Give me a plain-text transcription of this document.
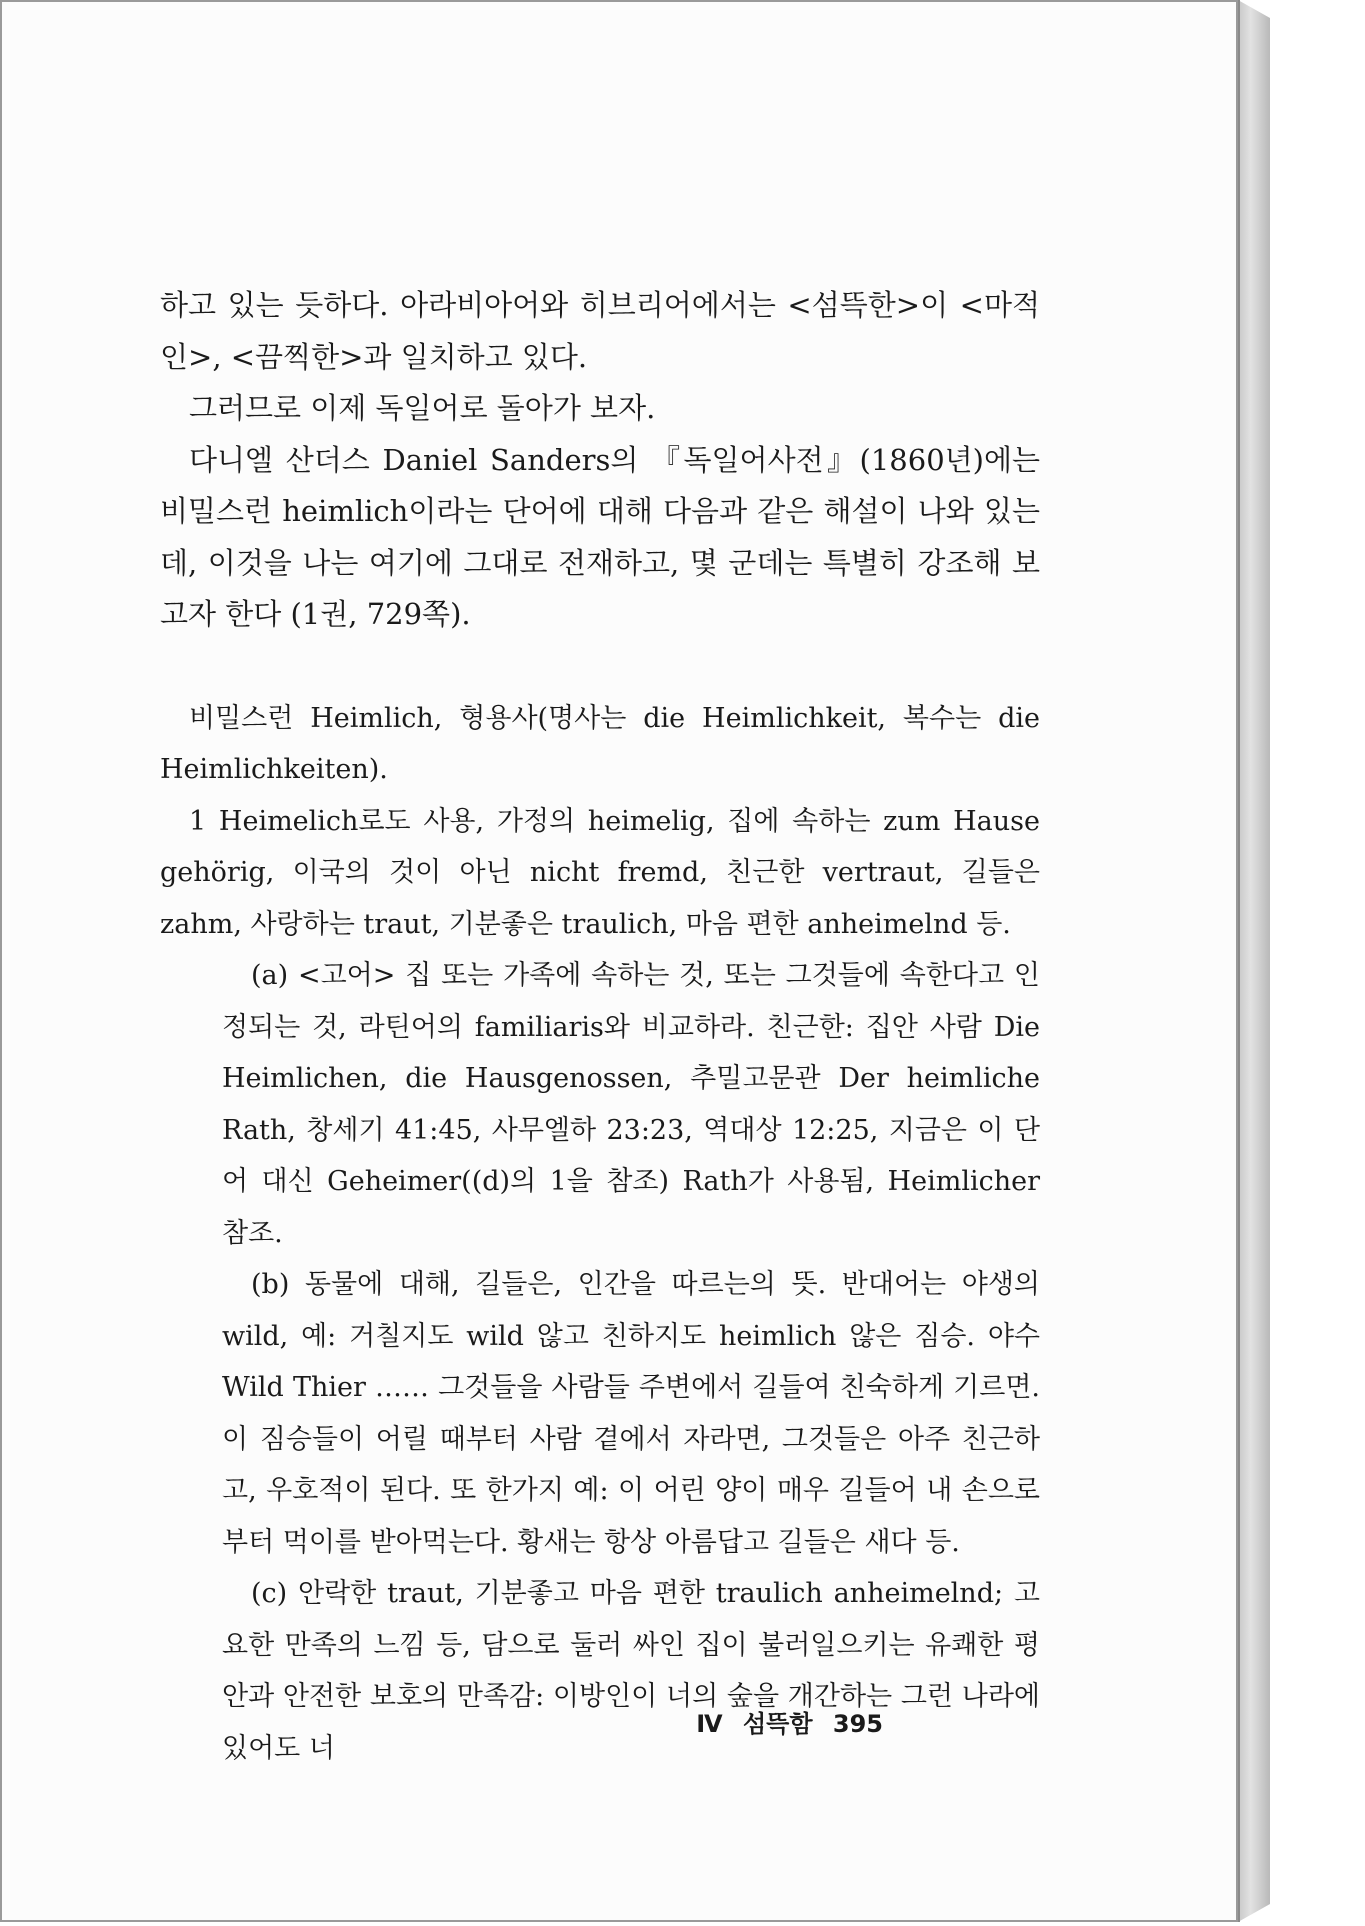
하고 있는 듯하다. 아라비아어와 히브리어에서는 <섬뜩한>이 <마적인>, <끔찍한>과 일치하고 있다.

그러므로 이제 독일어로 돌아가 보자.

다니엘 산더스 Daniel Sanders의 『독일어사전』(1860년)에는 비밀스런 heimlich이라는 단어에 대해 다음과 같은 해설이 나와 있는데, 이것을 나는 여기에 그대로 전재하고, 몇 군데는 특별히 강조해 보고자 한다 (1권, 729쪽).

비밀스런 Heimlich, 형용사(명사는 die Heimlichkeit, 복수는 die Heimlichkeiten).

1 Heimelich로도 사용, 가정의 heimelig, 집에 속하는 zum Hause gehörig, 이국의 것이 아닌 nicht fremd, 친근한 vertraut, 길들은 zahm, 사랑하는 traut, 기분좋은 traulich, 마음 편한 anheimelnd 등.

(a) <고어> 집 또는 가족에 속하는 것, 또는 그것들에 속한다고 인정되는 것, 라틴어의 familiaris와 비교하라. 친근한: 집안 사람 Die Heimlichen, die Hausgenossen, 추밀고문관 Der heimliche Rath, 창세기 41:45, 사무엘하 23:23, 역대상 12:25, 지금은 이 단어 대신 Geheimer((d)의 1을 참조) Rath가 사용됨, Heimlicher 참조.

(b) 동물에 대해, 길들은, 인간을 따르는의 뜻. 반대어는 야생의 wild, 예: 거칠지도 wild 않고 친하지도 heimlich 않은 짐승. 야수 Wild Thier …… 그것들을 사람들 주변에서 길들여 친숙하게 기르면. 이 짐승들이 어릴 때부터 사람 곁에서 자라면, 그것들은 아주 친근하고, 우호적이 된다. 또 한가지 예: 이 어린 양이 매우 길들어 내 손으로부터 먹이를 받아먹는다. 황새는 항상 아름답고 길들은 새다 등.

(c) 안락한 traut, 기분좋고 마음 편한 traulich anheimelnd; 고요한 만족의 느낌 등, 담으로 둘러 싸인 집이 불러일으키는 유쾌한 평안과 안전한 보호의 만족감: 이방인이 너의 숲을 개간하는 그런 나라에 있어도 너

Ⅳ 섬뜩함 395
